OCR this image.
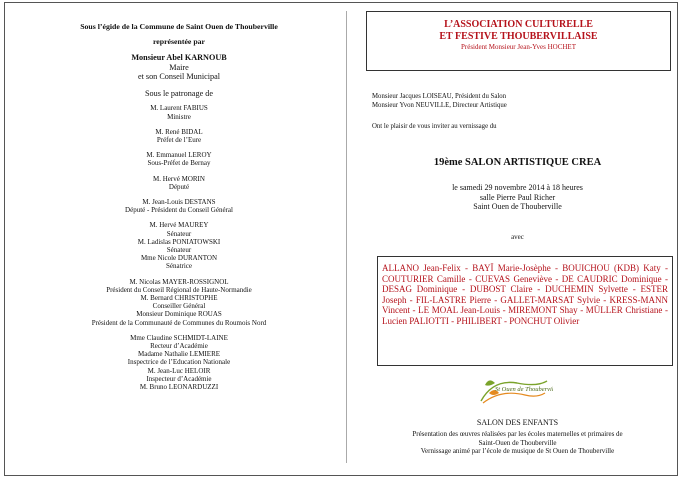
Sous l’égide de la Commune de Saint Ouen de Thouberville
représentée par
Monsieur Abel KARNOUB
Maire
et son Conseil Municipal
Sous le patronage de
M. Laurent FABIUS
Ministre
M. René BIDAL
Préfet de l’Eure
M. Emmanuel LEROY
Sous-Préfet de Bernay
M. Hervé MORIN
Député
M. Jean-Louis DESTANS
Député - Président du Conseil Général
M. Hervé MAUREY
Sénateur
M. Ladislas PONIATOWSKI
Sénateur
Mme Nicole DURANTON
Sénatrice
M. Nicolas MAYER-ROSSIGNOL
Président du Conseil Régional de Haute-Normandie
M. Bernard CHRISTOPHE
Conseiller Général
Monsieur Dominique ROUAS
Président de la Communauté de Communes du Roumois Nord
Mme Claudine SCHMIDT-LAINE
Recteur d’Académie
Madame Nathalie LEMIERE
Inspectrice de l’Education Nationale
M. Jean-Luc HELOIR
Inspecteur d’Académie
M. Bruno LEONARDUZZI
L’ASSOCIATION CULTURELLE
ET FESTIVE THOUBERVILLAISE
Président Monsieur Jean-Yves HOCHET
Monsieur Jacques LOISEAU, Président du Salon
Monsieur Yvon NEUVILLE, Directeur Artistique
Ont le plaisir de vous inviter au vernissage du
19ème SALON ARTISTIQUE CREA
le samedi 29 novembre 2014 à 18 heures
salle Pierre Paul Richer
Saint Ouen de Thouberville
avec
ALLANO Jean-Felix - BAYÏ Marie-Josèphe - BOUICHOU (KDB) Katy - COUTURIER Camille - CUEVAS Geneviève - DE CAUDRIC Dominique - DESAG Dominique - DUBOST Claire - DUCHEMIN Sylvette - ESTER Joseph - FIL-LASTRE Pierre - GALLET-MARSAT Sylvie - KRESS-MANN Vincent - LE MOAL Jean-Louis - MIREMONT Shay - MÜLLER Christiane - Lucien PALIOTTI - PHILIBERT - PONCHUT Olivier
St Ouen de Thouberville
SALON DES ENFANTS
Présentation des œuvres réalisées par les écoles maternelles et primaires de
Saint-Ouen de Thouberville
Vernissage animé par l’école de musique de St Ouen de Thouberville
